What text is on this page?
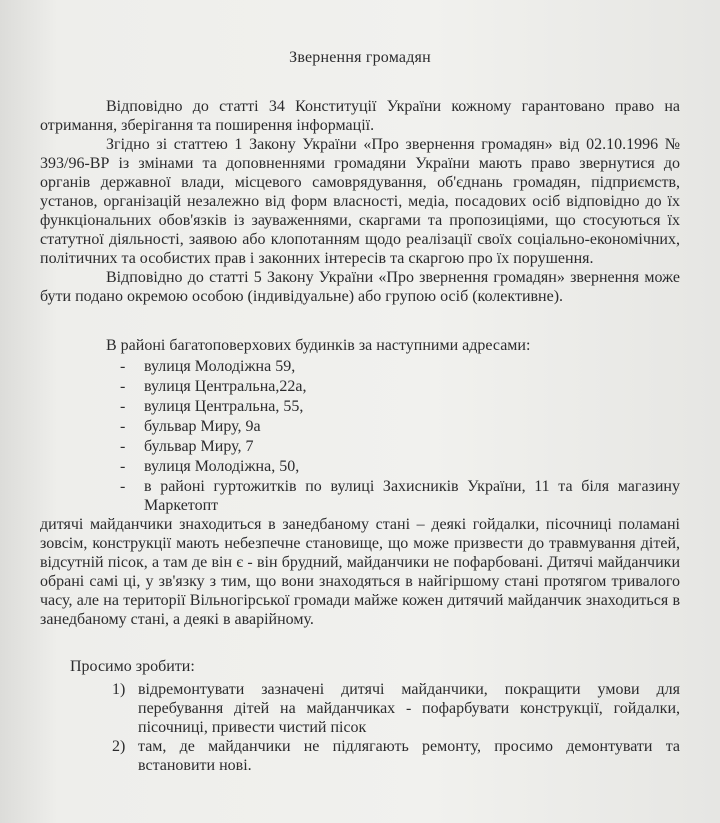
Звернення громадян

Відповідно до статті 34 Конституції України кожному гарантовано право на отримання, зберігання та поширення інформації.

Згідно зі статтею 1 Закону України «Про звернення громадян» від 02.10.1996 № 393/96-ВР із змінами та доповненнями громадяни України мають право звернутися до органів державної влади, місцевого самоврядування, об'єднань громадян, підприємств, установ, організацій незалежно від форм власності, медіа, посадових осіб відповідно до їх функціональних обов'язків із зауваженнями, скаргами та пропозиціями, що стосуються їх статутної діяльності, заявою або клопотанням щодо реалізації своїх соціально-економічних, політичних та особистих прав і законних інтересів та скаргою про їх порушення.

Відповідно до статті 5 Закону України «Про звернення громадян» звернення може бути подано окремою особою (індивідуальне) або групою осіб (колективне).

В районі багатоповерхових будинків за наступними адресами:

- вулиця Молодіжна 59,
- вулиця Центральна,22а,
- вулиця Центральна, 55,
- бульвар Миру, 9а
- бульвар Миру, 7
- вулиця Молодіжна, 50,
- в районі гуртожитків по вулиці Захисників України, 11 та біля магазину Маркетопт

дитячі майданчики знаходиться в занедбаному стані – деякі гойдалки, пісочниці поламані зовсім, конструкції мають небезпечне становище, що може призвести до травмування дітей, відсутній пісок, а там де він є - він брудний, майданчики не пофарбовані. Дитячі майданчики обрані самі ці, у зв'язку з тим, що вони знаходяться в найгіршому стані протягом тривалого часу, але на території Вільногірської громади майже кожен дитячий майданчик знаходиться в занедбаному стані, а деякі в аварійному.

Просимо зробити:

1) відремонтувати зазначені дитячі майданчики, покращити умови для перебування дітей на майданчиках - пофарбувати конструкції, гойдалки, пісочниці, привести чистий пісок
2) там, де майданчики не підлягають ремонту, просимо демонтувати та встановити нові.
